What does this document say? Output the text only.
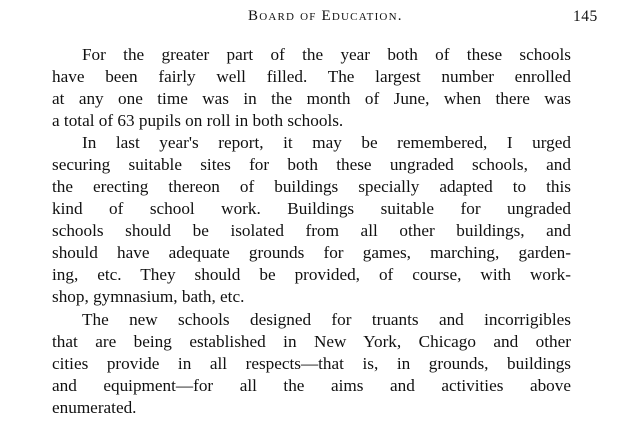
Board of Education.	145
For the greater part of the year both of these schools
have been fairly well filled. The largest number enrolled
at any one time was in the month of June, when there was
a total of 63 pupils on roll in both schools.
In last year's report, it may be remembered, I urged
securing suitable sites for both these ungraded schools, and
the erecting thereon of buildings specially adapted to this
kind of school work. Buildings suitable for ungraded
schools should be isolated from all other buildings, and
should have adequate grounds for games, marching, garden-
ing, etc. They should be provided, of course, with work-
shop, gymnasium, bath, etc.
The new schools designed for truants and incorrigibles
that are being established in New York, Chicago and other
cities provide in all respects—that is, in grounds, buildings
and equipment—for all the aims and activities above
enumerated.
